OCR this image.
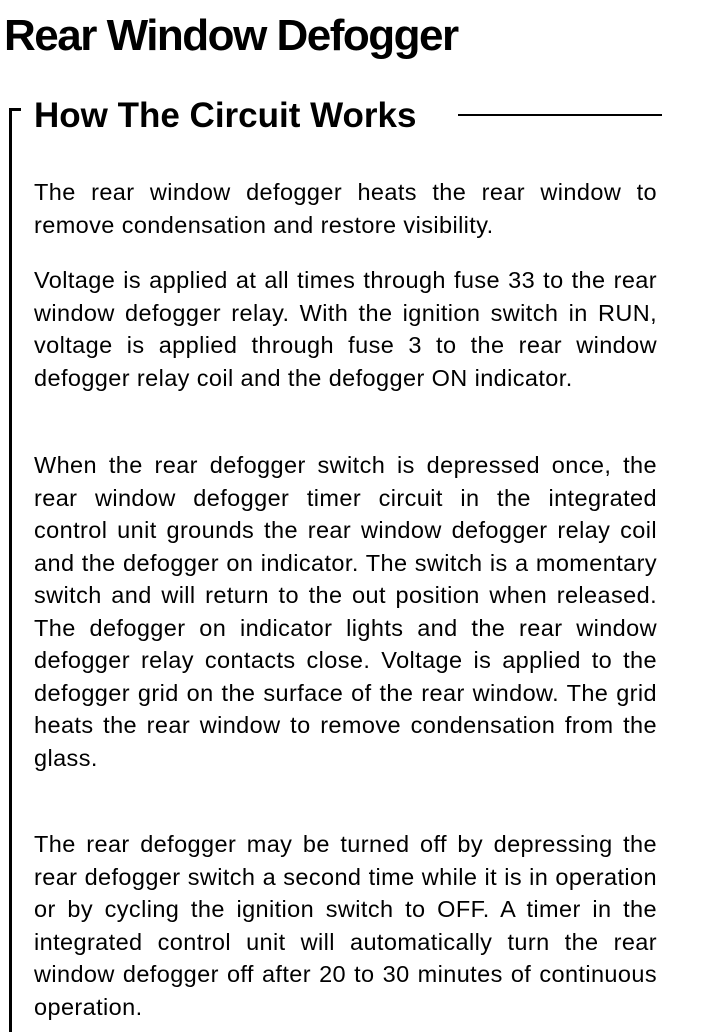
Rear Window Defogger
How The Circuit Works

The rear window defogger heats the rear window to remove condensation and restore visibility.

Voltage is applied at all times through fuse 33 to the rear window defogger relay. With the ignition switch in RUN, voltage is applied through fuse 3 to the rear window defogger relay coil and the defogger ON indicator.

When the rear defogger switch is depressed once, the rear window defogger timer circuit in the integrated control unit grounds the rear window defogger relay coil and the defogger on indicator. The switch is a momentary switch and will return to the out position when released. The defogger on indicator lights and the rear window defogger relay contacts close. Voltage is applied to the defogger grid on the surface of the rear window. The grid heats the rear window to remove condensation from the glass.

The rear defogger may be turned off by depressing the rear defogger switch a second time while it is in operation or by cycling the ignition switch to OFF. A timer in the integrated control unit will automatically turn the rear window defogger off after 20 to 30 minutes of continuous operation.
